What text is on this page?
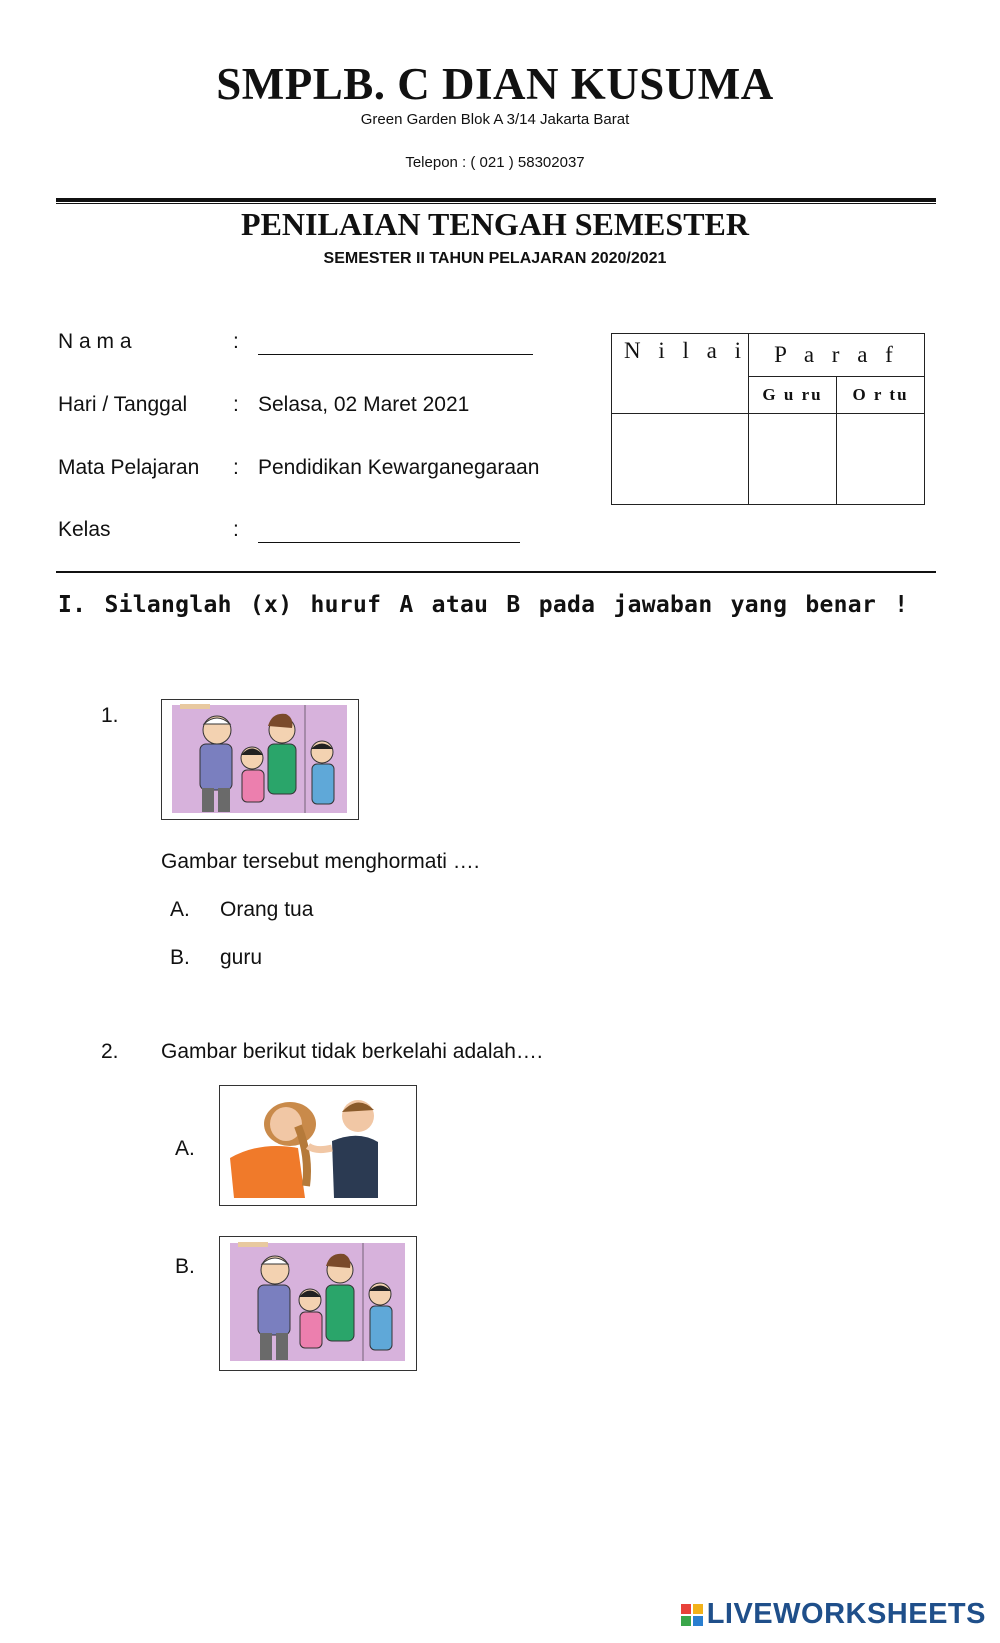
SMPLB. C DIAN KUSUMA
Green Garden Blok A 3/14 Jakarta Barat
Telepon : ( 021 ) 58302037
PENILAIAN TENGAH SEMESTER
SEMESTER II TAHUN PELAJARAN 2020/2021
N a m a	:
Hari / Tanggal : Selasa, 02 Maret 2021
Mata Pelajaran : Pendidikan Kewarganegaraan
Kelas	:
N i l a i	P a r a f	
	G u ru	O r tu

I. Silanglah (x) huruf A atau B pada jawaban yang benar !
1.
Gambar tersebut menghormati ….
A. Orang tua
B. guru
2. Gambar berikut tidak berkelahi adalah….
A.
B.
LIVEWORKSHEETS
